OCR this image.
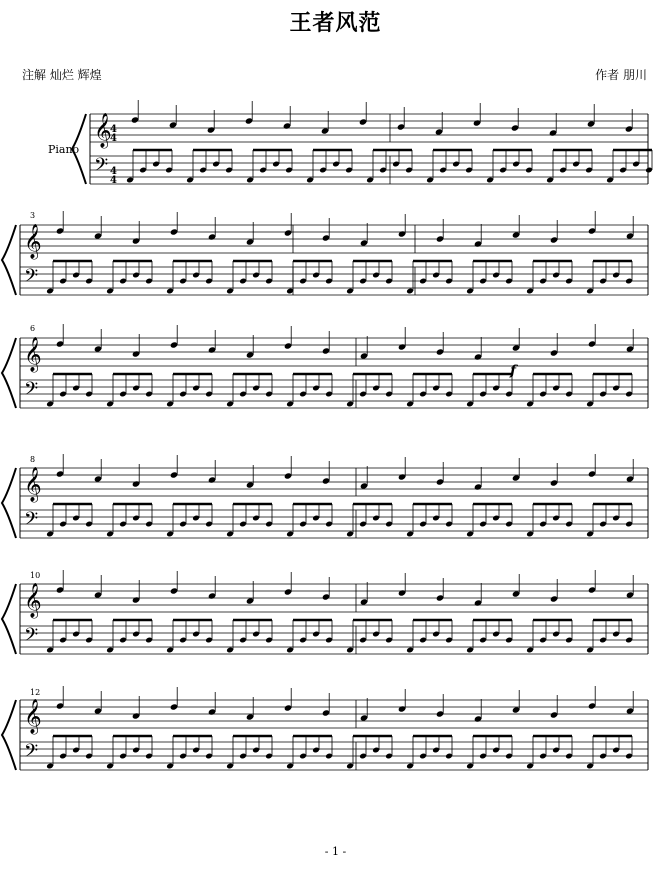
王者风范
注解 灿烂 辉煌	作者 朋川
Piano
3
6
8
10
12
- 1 -
𝄞
𝄢
𝄞
𝄢
𝄞
𝄢
𝄞
𝄢
𝄞
𝄢
𝄞
𝄢
4
4
4
4
f
